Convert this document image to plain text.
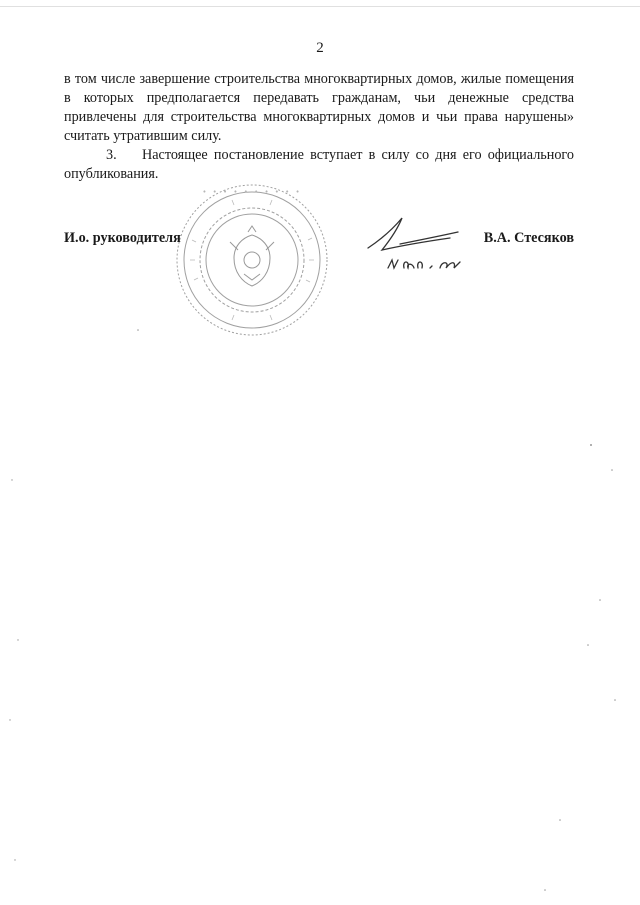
2

в том числе завершение строительства многоквартирных домов, жилые помещения в которых предполагается передавать гражданам, чьи денежные средства привлечены для строительства многоквартирных домов и чьи права нарушены» считать утратившим силу.

3. Настоящее постановление вступает в силу со дня его официального опубликования.

• • • • • • • • • •
И.о. руководителя	В.А. Стесяков
